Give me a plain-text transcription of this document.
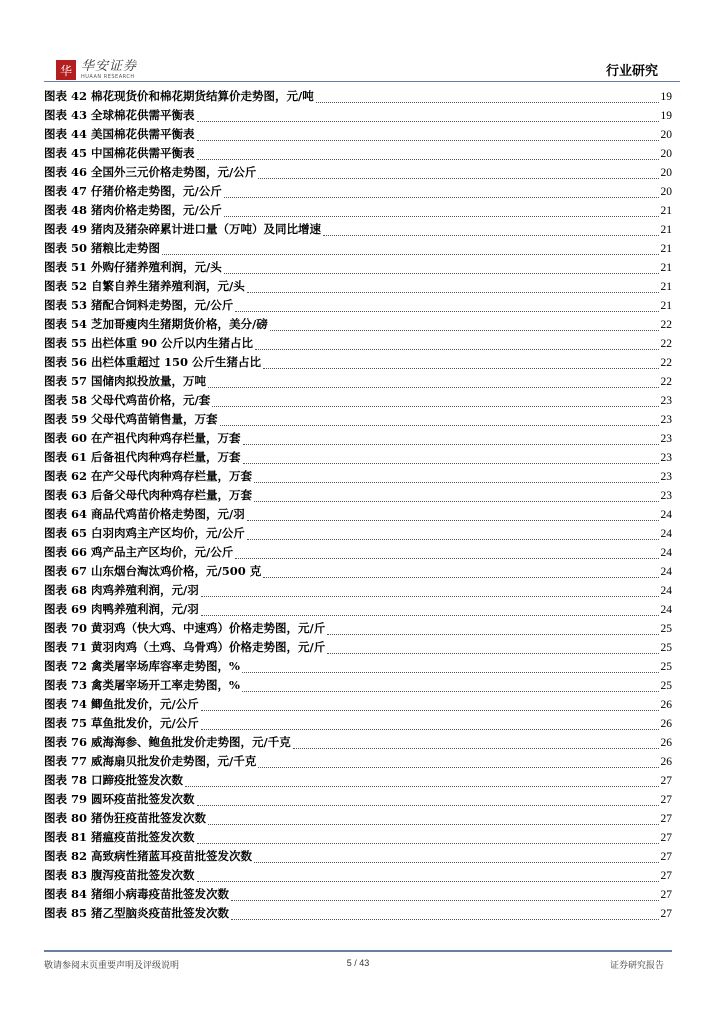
华 华安证券
HUAAN RESEARCH	行业研究
图表 42 棉花现货价和棉花期货结算价走势图，元/吨	19
图表 43 全球棉花供需平衡表	19
图表 44 美国棉花供需平衡表	20
图表 45 中国棉花供需平衡表	20
图表 46 全国外三元价格走势图，元/公斤	20
图表 47 仔猪价格走势图，元/公斤	20
图表 48 猪肉价格走势图，元/公斤	21
图表 49 猪肉及猪杂碎累计进口量（万吨）及同比增速	21
图表 50 猪粮比走势图	21
图表 51 外购仔猪养殖利润，元/头	21
图表 52 自繁自养生猪养殖利润，元/头	21
图表 53 猪配合饲料走势图，元/公斤	21
图表 54 芝加哥瘦肉生猪期货价格，美分/磅	22
图表 55 出栏体重 90 公斤以内生猪占比	22
图表 56 出栏体重超过 150 公斤生猪占比	22
图表 57 国储肉拟投放量，万吨	22
图表 58 父母代鸡苗价格，元/套	23
图表 59 父母代鸡苗销售量，万套	23
图表 60 在产祖代肉种鸡存栏量，万套	23
图表 61 后备祖代肉种鸡存栏量，万套	23
图表 62 在产父母代肉种鸡存栏量，万套	23
图表 63 后备父母代肉种鸡存栏量，万套	23
图表 64 商品代鸡苗价格走势图，元/羽	24
图表 65 白羽肉鸡主产区均价，元/公斤	24
图表 66 鸡产品主产区均价，元/公斤	24
图表 67 山东烟台淘汰鸡价格，元/500 克	24
图表 68 肉鸡养殖利润，元/羽	24
图表 69 肉鸭养殖利润，元/羽	24
图表 70 黄羽鸡（快大鸡、中速鸡）价格走势图，元/斤	25
图表 71 黄羽肉鸡（土鸡、乌骨鸡）价格走势图，元/斤	25
图表 72 禽类屠宰场库容率走势图，%	25
图表 73 禽类屠宰场开工率走势图，%	25
图表 74 鲫鱼批发价，元/公斤	26
图表 75 草鱼批发价，元/公斤	26
图表 76 威海海参、鲍鱼批发价走势图，元/千克	26
图表 77 威海扇贝批发价走势图，元/千克	26
图表 78 口蹄疫批签发次数	27
图表 79 圆环疫苗批签发次数	27
图表 80 猪伪狂疫苗批签发次数	27
图表 81 猪瘟疫苗批签发次数	27
图表 82 高致病性猪蓝耳疫苗批签发次数	27
图表 83 腹泻疫苗批签发次数	27
图表 84 猪细小病毒疫苗批签发次数	27
图表 85 猪乙型脑炎疫苗批签发次数	27
敬请参阅末页重要声明及评级说明	5 / 43	证券研究报告
